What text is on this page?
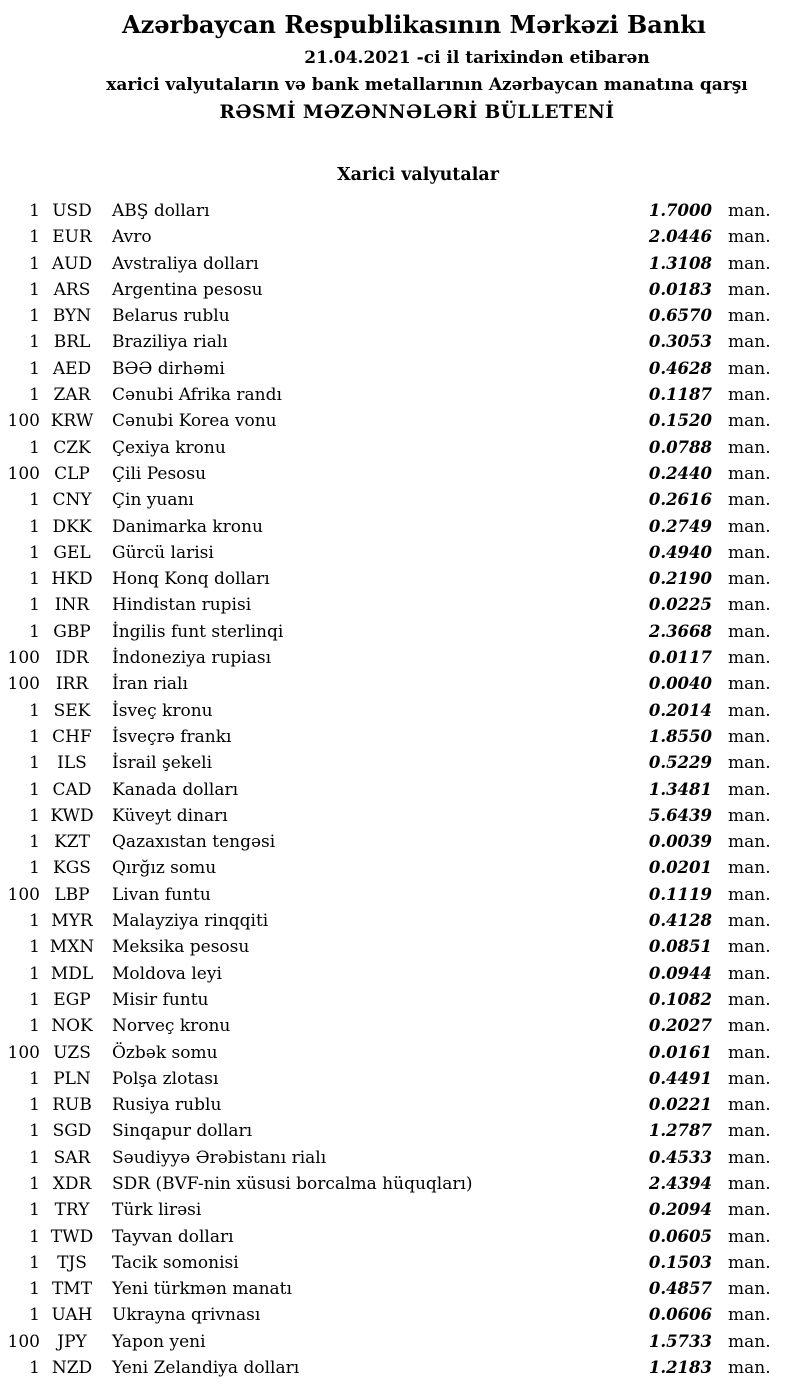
Azərbaycan Respublikasının Mərkəzi Bankı
21.04.2021 -ci il tarixindən etibarən
xarici valyutaların və bank metallarının Azərbaycan manatına qarşı
RƏSMİ MƏZƏNNƏLƏRİ BÜLLETENİ
Xarici valyutalar
1 USD	ABŞ dolları	1.7000 man.
1 EUR	Avro	2.0446 man.
1 AUD	Avstraliya dolları	1.3108 man.
1 ARS	Argentina pesosu	0.0183 man.
1 BYN	Belarus rublu	0.6570 man.
1 BRL	Braziliya rialı	0.3053 man.
1 AED	BƏƏ dirhəmi	0.4628 man.
1 ZAR	Cənubi Afrika randı	0.1187 man.
100 KRW	Cənubi Korea vonu	0.1520 man.
1 CZK	Çexiya kronu	0.0788 man.
100 CLP	Çili Pesosu	0.2440 man.
1 CNY	Çin yuanı	0.2616 man.
1 DKK	Danimarka kronu	0.2749 man.
1 GEL	Gürcü larisi	0.4940 man.
1 HKD	Honq Konq dolları	0.2190 man.
1 INR	Hindistan rupisi	0.0225 man.
1 GBP	İngilis funt sterlinqi	2.3668 man.
100 IDR	İndoneziya rupiası	0.0117 man.
100 IRR	İran rialı	0.0040 man.
1 SEK	İsveç kronu	0.2014 man.
1 CHF	İsveçrə frankı	1.8550 man.
1	ILS	İsrail şekeli	0.5229 man.
1 CAD	Kanada dolları	1.3481 man.
1 KWD	Küveyt dinarı	5.6439 man.
1 KZT	Qazaxıstan tengəsi	0.0039 man.
1 KGS	Qırğız somu	0.0201 man.
100 LBP	Livan funtu	0.1119 man.
1 MYR	Malayziya rinqqiti	0.4128 man.
1 MXN	Meksika pesosu	0.0851 man.
1 MDL	Moldova leyi	0.0944 man.
1 EGP	Misir funtu	0.1082 man.
1 NOK	Norveç kronu	0.2027 man.
100 UZS	Özbək somu	0.0161 man.
1 PLN	Polşa zlotası	0.4491 man.
1 RUB	Rusiya rublu	0.0221 man.
1 SGD	Sinqapur dolları	1.2787 man.
1 SAR	Səudiyyə Ərəbistanı rialı	0.4533 man.
1 XDR	SDR (BVF-nin xüsusi borcalma hüquqları)	2.4394 man.
1 TRY	Türk lirəsi	0.2094 man.
1 TWD	Tayvan dolları	0.0605 man.
1	TJS	Tacik somonisi	0.1503 man.
1 TMT	Yeni türkmən manatı	0.4857 man.
1 UAH	Ukrayna qrivnası	0.0606 man.
100	JPY	Yapon yeni	1.5733 man.
1 NZD	Yeni Zelandiya dolları	1.2183 man.
